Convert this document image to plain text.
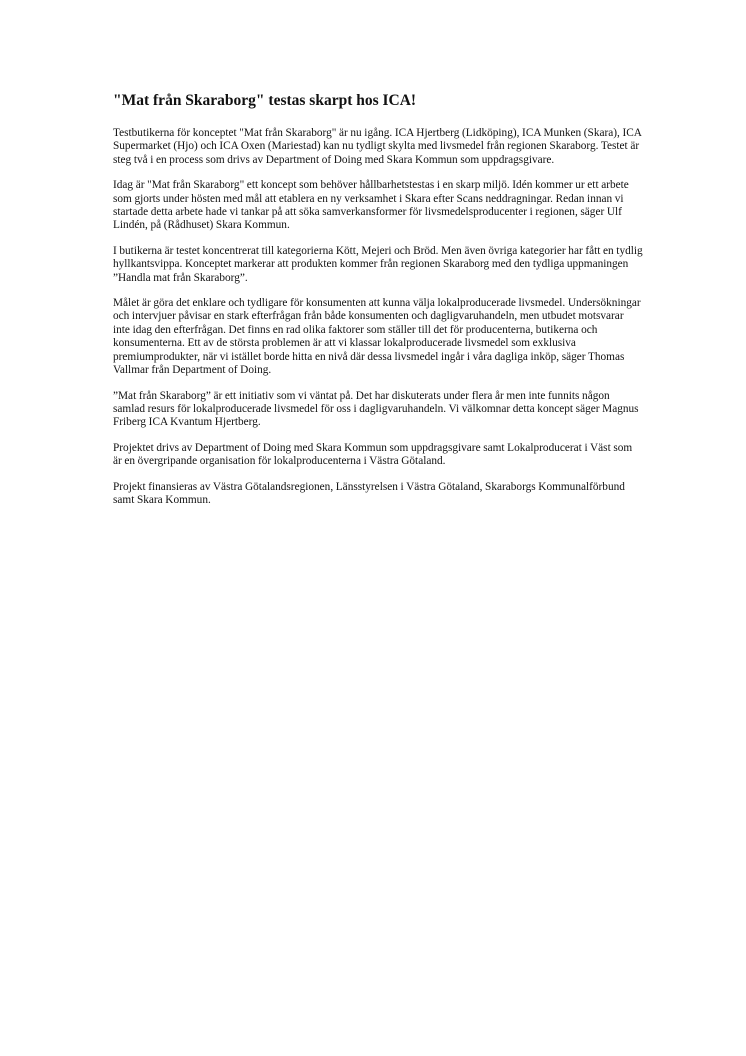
"Mat från Skaraborg" testas skarpt hos ICA!

Testbutikerna för konceptet "Mat från Skaraborg" är nu igång. ICA Hjertberg (Lidköping), ICA Munken (Skara), ICA Supermarket (Hjo) och ICA Oxen (Mariestad) kan nu tydligt skylta med livsmedel från regionen Skaraborg. Testet är steg två i en process som drivs av Department of Doing med Skara Kommun som uppdragsgivare.

Idag är "Mat från Skaraborg" ett koncept som behöver hållbarhetstestas i en skarp miljö. Idén kommer ur ett arbete som gjorts under hösten med mål att etablera en ny verksamhet i Skara efter Scans neddragningar. Redan innan vi startade detta arbete hade vi tankar på att söka samverkansformer för livsmedelsproducenter i regionen, säger Ulf Lindén, på (Rådhuset) Skara Kommun.

I butikerna är testet koncentrerat till kategorierna Kött, Mejeri och Bröd. Men även övriga kategorier har fått en tydlig hyllkantsvippa. Konceptet markerar att produkten kommer från regionen Skaraborg med den tydliga uppmaningen ”Handla mat från Skaraborg”.

Målet är göra det enklare och tydligare för konsumenten att kunna välja lokalproducerade livsmedel. Undersökningar och intervjuer påvisar en stark efterfrågan från både konsumenten och dagligvaruhandeln, men utbudet motsvarar inte idag den efterfrågan. Det finns en rad olika faktorer som ställer till det för producenterna, butikerna och konsumenterna. Ett av de största problemen är att vi klassar lokalproducerade livsmedel som exklusiva premiumprodukter, när vi istället borde hitta en nivå där dessa livsmedel ingår i våra dagliga inköp, säger Thomas Vallmar från Department of Doing.

”Mat från Skaraborg” är ett initiativ som vi väntat på. Det har diskuterats under flera år men inte funnits någon samlad resurs för lokalproducerade livsmedel för oss i dagligvaruhandeln. Vi välkomnar detta koncept säger Magnus Friberg ICA Kvantum Hjertberg.

Projektet drivs av Department of Doing med Skara Kommun som uppdragsgivare samt Lokalproducerat i Väst som är en övergripande organisation för lokalproducenterna i Västra Götaland.

Projekt finansieras av Västra Götalandsregionen, Länsstyrelsen i Västra Götaland, Skaraborgs Kommunalförbund samt Skara Kommun.
